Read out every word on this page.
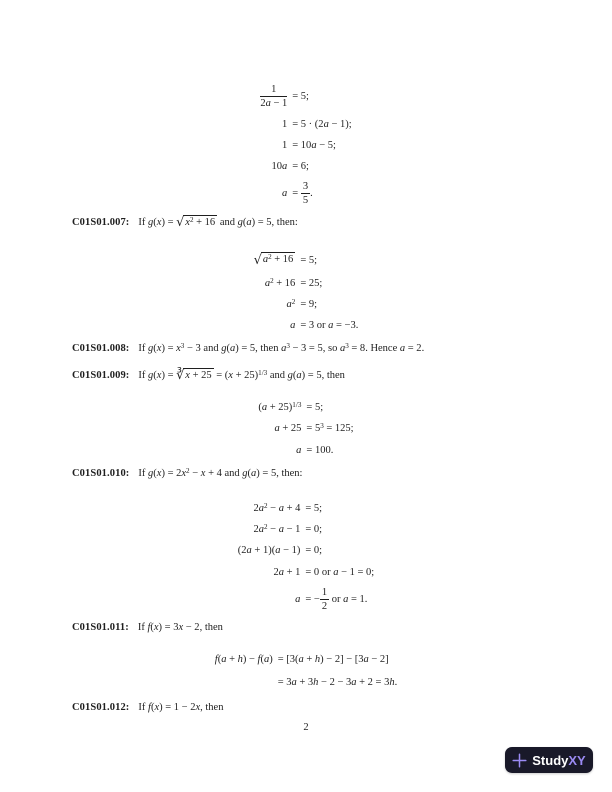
$\frac{1}{2a - 1} = 5$;
1 = 5 · (2a − 1);
1 = 10a − 5;
10a = 6;
$a = \frac{3}{5}$ .

C01S01.007: If $g(x) = √x^2 + 16$ and g(a) = 5, then:

$√a^2 + 16 = 5$;
$a^2 + 16 = 25$;
$a^2 = 9$;
a = 3 or a = −3.

C01S01.008: If $g(x) = x^3 - 3$ and g(a) = 5, then $a^3 - 3 = 5$, so $a^3 = 8$. Hence a = 2.

C01S01.009: If g(x) = ∛x + $25 = (x + 25)^{1/3}$ and g(a) = 5, then

$(a + 25)^{1/3} = 5$;
$a + 25 = 5^3 = 125$;
a = 100.

C01S01.010: If $g(x) = 2x^2 - x + 4$ and g(a) = 5, then:

$2a^2 - a + 4 = 5$;
$2a^2 - a - 1 = 0$;
(2a + 1)(a − 1) = 0;
2a + 1 = 0 or a − 1 = 0;
a = − $\frac{1}{2}$ or a = 1.

C01S01.011: If f(x) = 3x − 2, then

f(a + h) − f(a) = [3(a + h) − 2] − [3a − 2]
= 3a + 3h − 2 − 3a + 2 = 3h.

C01S01.012: If f(x) = 1 − 2x, then

2
StudyXY
